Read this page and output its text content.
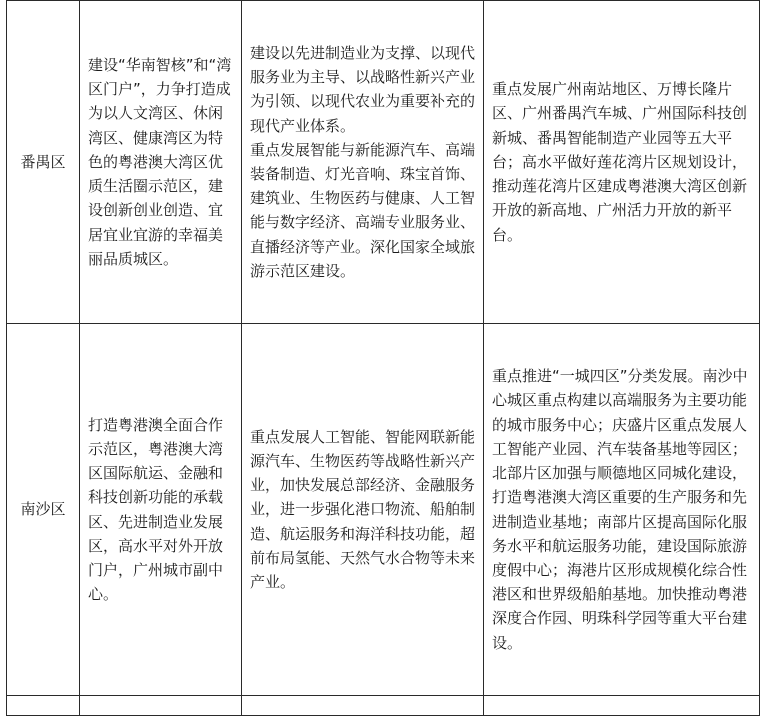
番禺区	建设“华南智核”和“湾区门户”，力争打造成为以人文湾区、休闲湾区、健康湾区为特色的粤港澳大湾区优质生活圈示范区，建设创新创业创造、宜居宜业宜游的幸福美丽品质城区。	建设以先进制造业为支撑、以现代服务业为主导、以战略性新兴产业为引领、以现代农业为重要补充的现代产业体系。
重点发展智能与新能源汽车、高端装备制造、灯光音响、珠宝首饰、建筑业、生物医药与健康、人工智能与数字经济、高端专业服务业、直播经济等产业。深化国家全域旅游示范区建设。	重点发展广州南站地区、万博长隆片区、广州番禺汽车城、广州国际科技创新城、番禺智能制造产业园等五大平台；高水平做好莲花湾片区规划设计，推动莲花湾片区建成粤港澳大湾区创新开放的新高地、广州活力开放的新平台。
南沙区	打造粤港澳全面合作示范区，粤港澳大湾区国际航运、金融和科技创新功能的承载区、先进制造业发展区，高水平对外开放门户，广州城市副中心。	重点发展人工智能、智能网联新能源汽车、生物医药等战略性新兴产业，加快发展总部经济、金融服务业，进一步强化港口物流、船舶制造、航运服务和海洋科技功能，超前布局氢能、天然气水合物等未来产业。	重点推进“一城四区”分类发展。南沙中心城区重点构建以高端服务为主要功能的城市服务中心；庆盛片区重点发展人工智能产业园、汽车装备基地等园区；北部片区加强与顺德地区同城化建设，打造粤港澳大湾区重要的生产服务和先进制造业基地；南部片区提高国际化服务水平和航运服务功能，建设国际旅游度假中心；海港片区形成规模化综合性港区和世界级船舶基地。加快推动粤港深度合作园、明珠科学园等重大平台建设。
